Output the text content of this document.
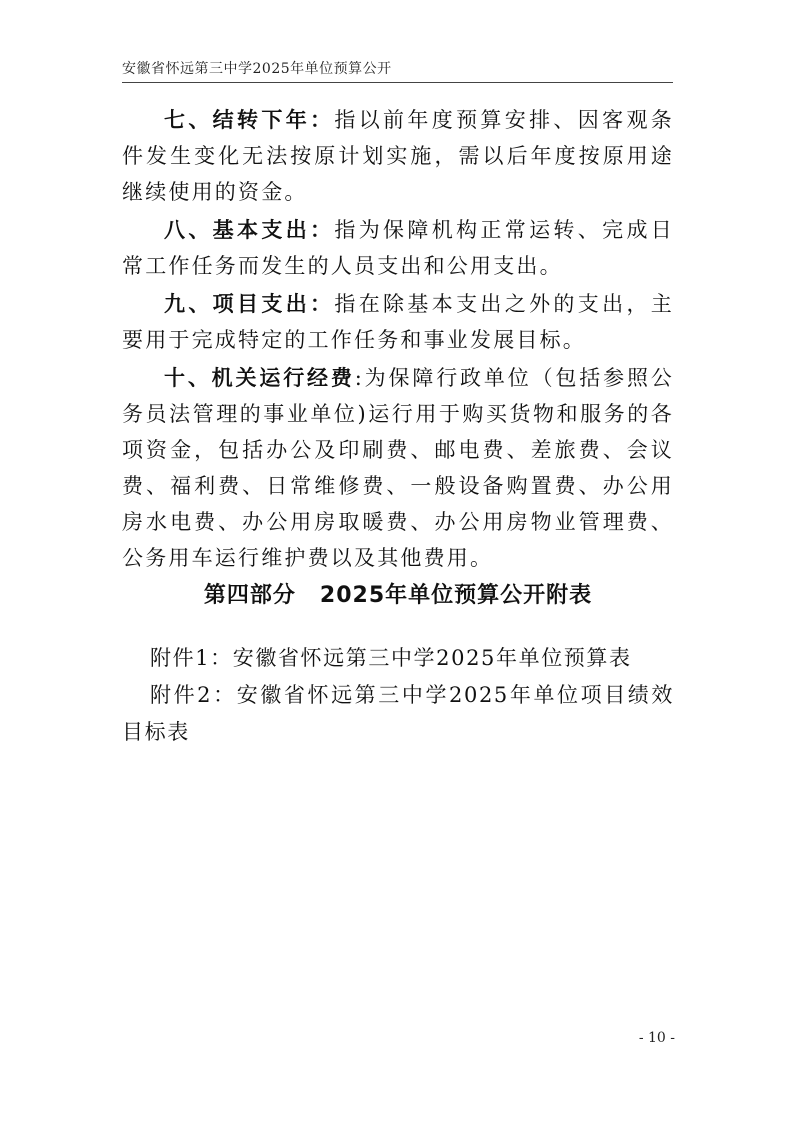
安徽省怀远第三中学2025年单位预算公开

七、结转下年：指以前年度预算安排、因客观条件发生变化无法按原计划实施，需以后年度按原用途继续使用的资金。

八、基本支出：指为保障机构正常运转、完成日常工作任务而发生的人员支出和公用支出。

九、项目支出：指在除基本支出之外的支出，主要用于完成特定的工作任务和事业发展目标。

十、机关运行经费:为保障行政单位（包括参照公务员法管理的事业单位)运行用于购买货物和服务的各项资金，包括办公及印刷费、邮电费、差旅费、会议费、福利费、日常维修费、一般设备购置费、办公用房水电费、办公用房取暖费、办公用房物业管理费、公务用车运行维护费以及其他费用。

第四部分 2025年单位预算公开附表

附件1：安徽省怀远第三中学2025年单位预算表

附件2：安徽省怀远第三中学2025年单位项目绩效目标表

- 10 -
